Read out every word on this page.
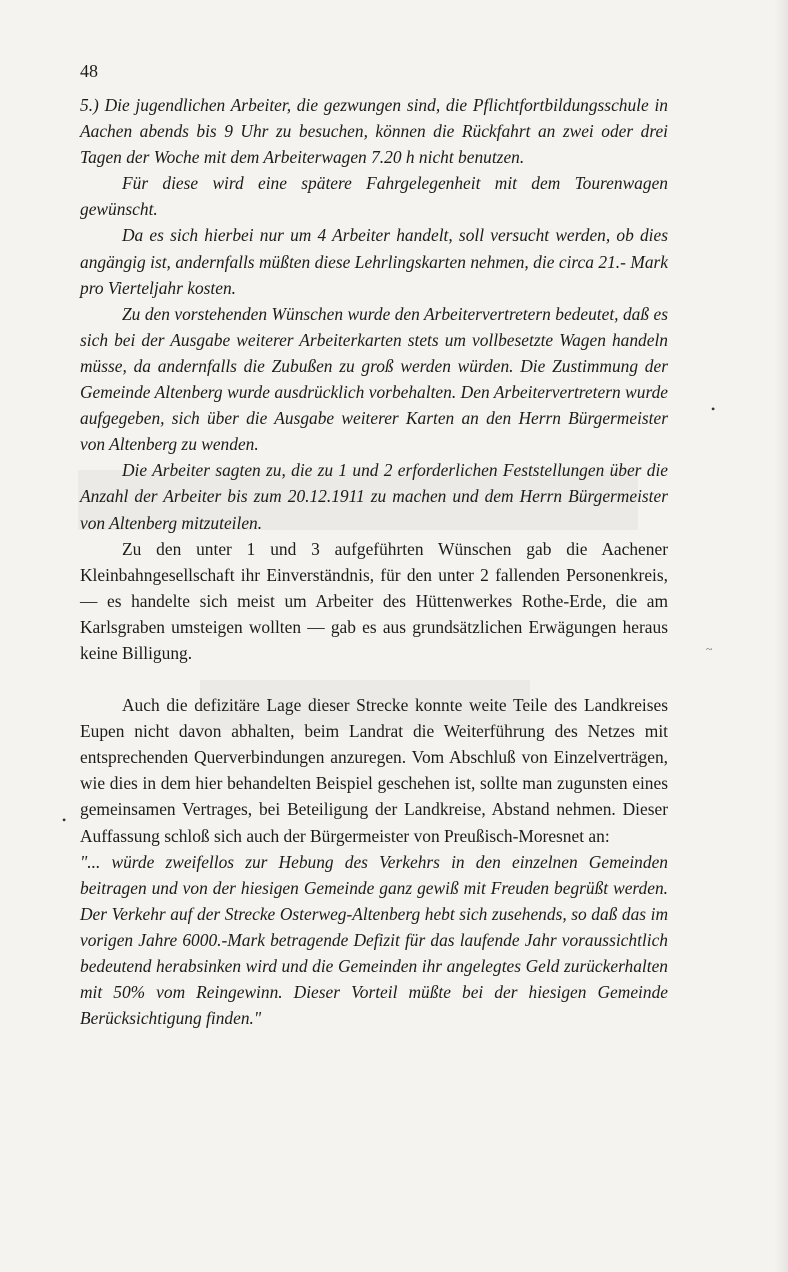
48

5.) Die jugendlichen Arbeiter, die gezwungen sind, die Pflichtfortbildungsschule in Aachen abends bis 9 Uhr zu besuchen, können die Rückfahrt an zwei oder drei Tagen der Woche mit dem Arbeiterwagen 7.20 h nicht benutzen.

Für diese wird eine spätere Fahrgelegenheit mit dem Tourenwagen gewünscht.

Da es sich hierbei nur um 4 Arbeiter handelt, soll versucht werden, ob dies angängig ist, andernfalls müßten diese Lehrlingskarten nehmen, die circa 21.- Mark pro Vierteljahr kosten.

Zu den vorstehenden Wünschen wurde den Arbeitervertretern bedeutet, daß es sich bei der Ausgabe weiterer Arbeiterkarten stets um vollbesetzte Wagen handeln müsse, da andernfalls die Zubußen zu groß werden würden. Die Zustimmung der Gemeinde Altenberg wurde ausdrücklich vorbehalten. Den Arbeitervertretern wurde aufgegeben, sich über die Ausgabe weiterer Karten an den Herrn Bürgermeister von Altenberg zu wenden.

Die Arbeiter sagten zu, die zu 1 und 2 erforderlichen Feststellungen über die Anzahl der Arbeiter bis zum 20.12.1911 zu machen und dem Herrn Bürgermeister von Altenberg mitzuteilen.

Zu den unter 1 und 3 aufgeführten Wünschen gab die Aachener Kleinbahngesellschaft ihr Einverständnis, für den unter 2 fallenden Personenkreis, — es handelte sich meist um Arbeiter des Hüttenwerkes Rothe-Erde, die am Karlsgraben umsteigen wollten — gab es aus grundsätzlichen Erwägungen heraus keine Billigung.

Auch die defizitäre Lage dieser Strecke konnte weite Teile des Landkreises Eupen nicht davon abhalten, beim Landrat die Weiterführung des Netzes mit entsprechenden Querverbindungen anzuregen. Vom Abschluß von Einzelverträgen, wie dies in dem hier behandelten Beispiel geschehen ist, sollte man zugunsten eines gemeinsamen Vertrages, bei Beteiligung der Landkreise, Abstand nehmen. Dieser Auffassung schloß sich auch der Bürgermeister von Preußisch-Moresnet an:

"... würde zweifellos zur Hebung des Verkehrs in den einzelnen Gemeinden beitragen und von der hiesigen Gemeinde ganz gewiß mit Freuden begrüßt werden. Der Verkehr auf der Strecke Osterweg-Altenberg hebt sich zusehends, so daß das im vorigen Jahre 6000.-Mark betragende Defizit für das laufende Jahr voraussichtlich bedeutend herabsinken wird und die Gemeinden ihr angelegtes Geld zurückerhalten mit 50% vom Reingewinn. Dieser Vorteil müßte bei der hiesigen Gemeinde Berücksichtigung finden."

•
~
•
